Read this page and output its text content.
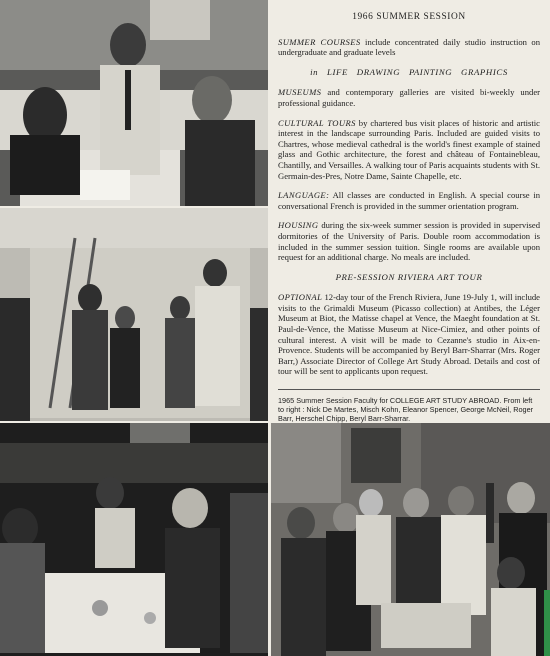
1966 SUMMER SESSION

SUMMER COURSES include concentrated daily studio instruction on undergraduate and graduate levels

in LIFE DRAWING PAINTING GRAPHICS

MUSEUMS and contemporary galleries are visited bi-weekly under professional guidance.

CULTURAL TOURS by chartered bus visit places of historic and artistic interest in the landscape surrounding Paris. Included are guided visits to Chartres, whose medieval cathedral is the world's finest example of stained glass and Gothic architecture, the forest and château of Fontainebleau, Chantilly, and Versailles. A walking tour of Paris acquaints students with St. Germain-des-Pres, Notre Dame, Sainte Chapelle, etc.

LANGUAGE: All classes are conducted in English. A special course in conversational French is provided in the summer orientation program.

HOUSING during the six-week summer session is provided in supervised dormitories of the University of Paris. Double room accommodation is included in the summer session tuition. Single rooms are available upon request for an additional charge. No meals are included.

PRE-SESSION RIVIERA ART TOUR

OPTIONAL 12-day tour of the French Riviera, June 19-July 1, will include visits to the Grimaldi Museum (Picasso collection) at Antibes, the Léger Museum at Biot, the Matisse chapel at Vence, the Maeght foundation at St. Paul-de-Vence, the Matisse Museum at Nice-Cimiez, and other points of cultural interest. A visit will be made to Cezanne's studio in Aix-en-Provence. Students will be accompanied by Beryl Barr-Sharrar (Mrs. Roger Barr,) Associate Director of College Art Study Abroad. Details and cost of tour will be sent to applicants upon request.

1965 Summer Session Faculty for COLLEGE ART STUDY ABROAD. From left to right : Nick De Martes, Misch Kohn, Eleanor Spencer, George McNeil, Roger Barr, Herschel Chipp, Beryl Barr-Sharrar.
